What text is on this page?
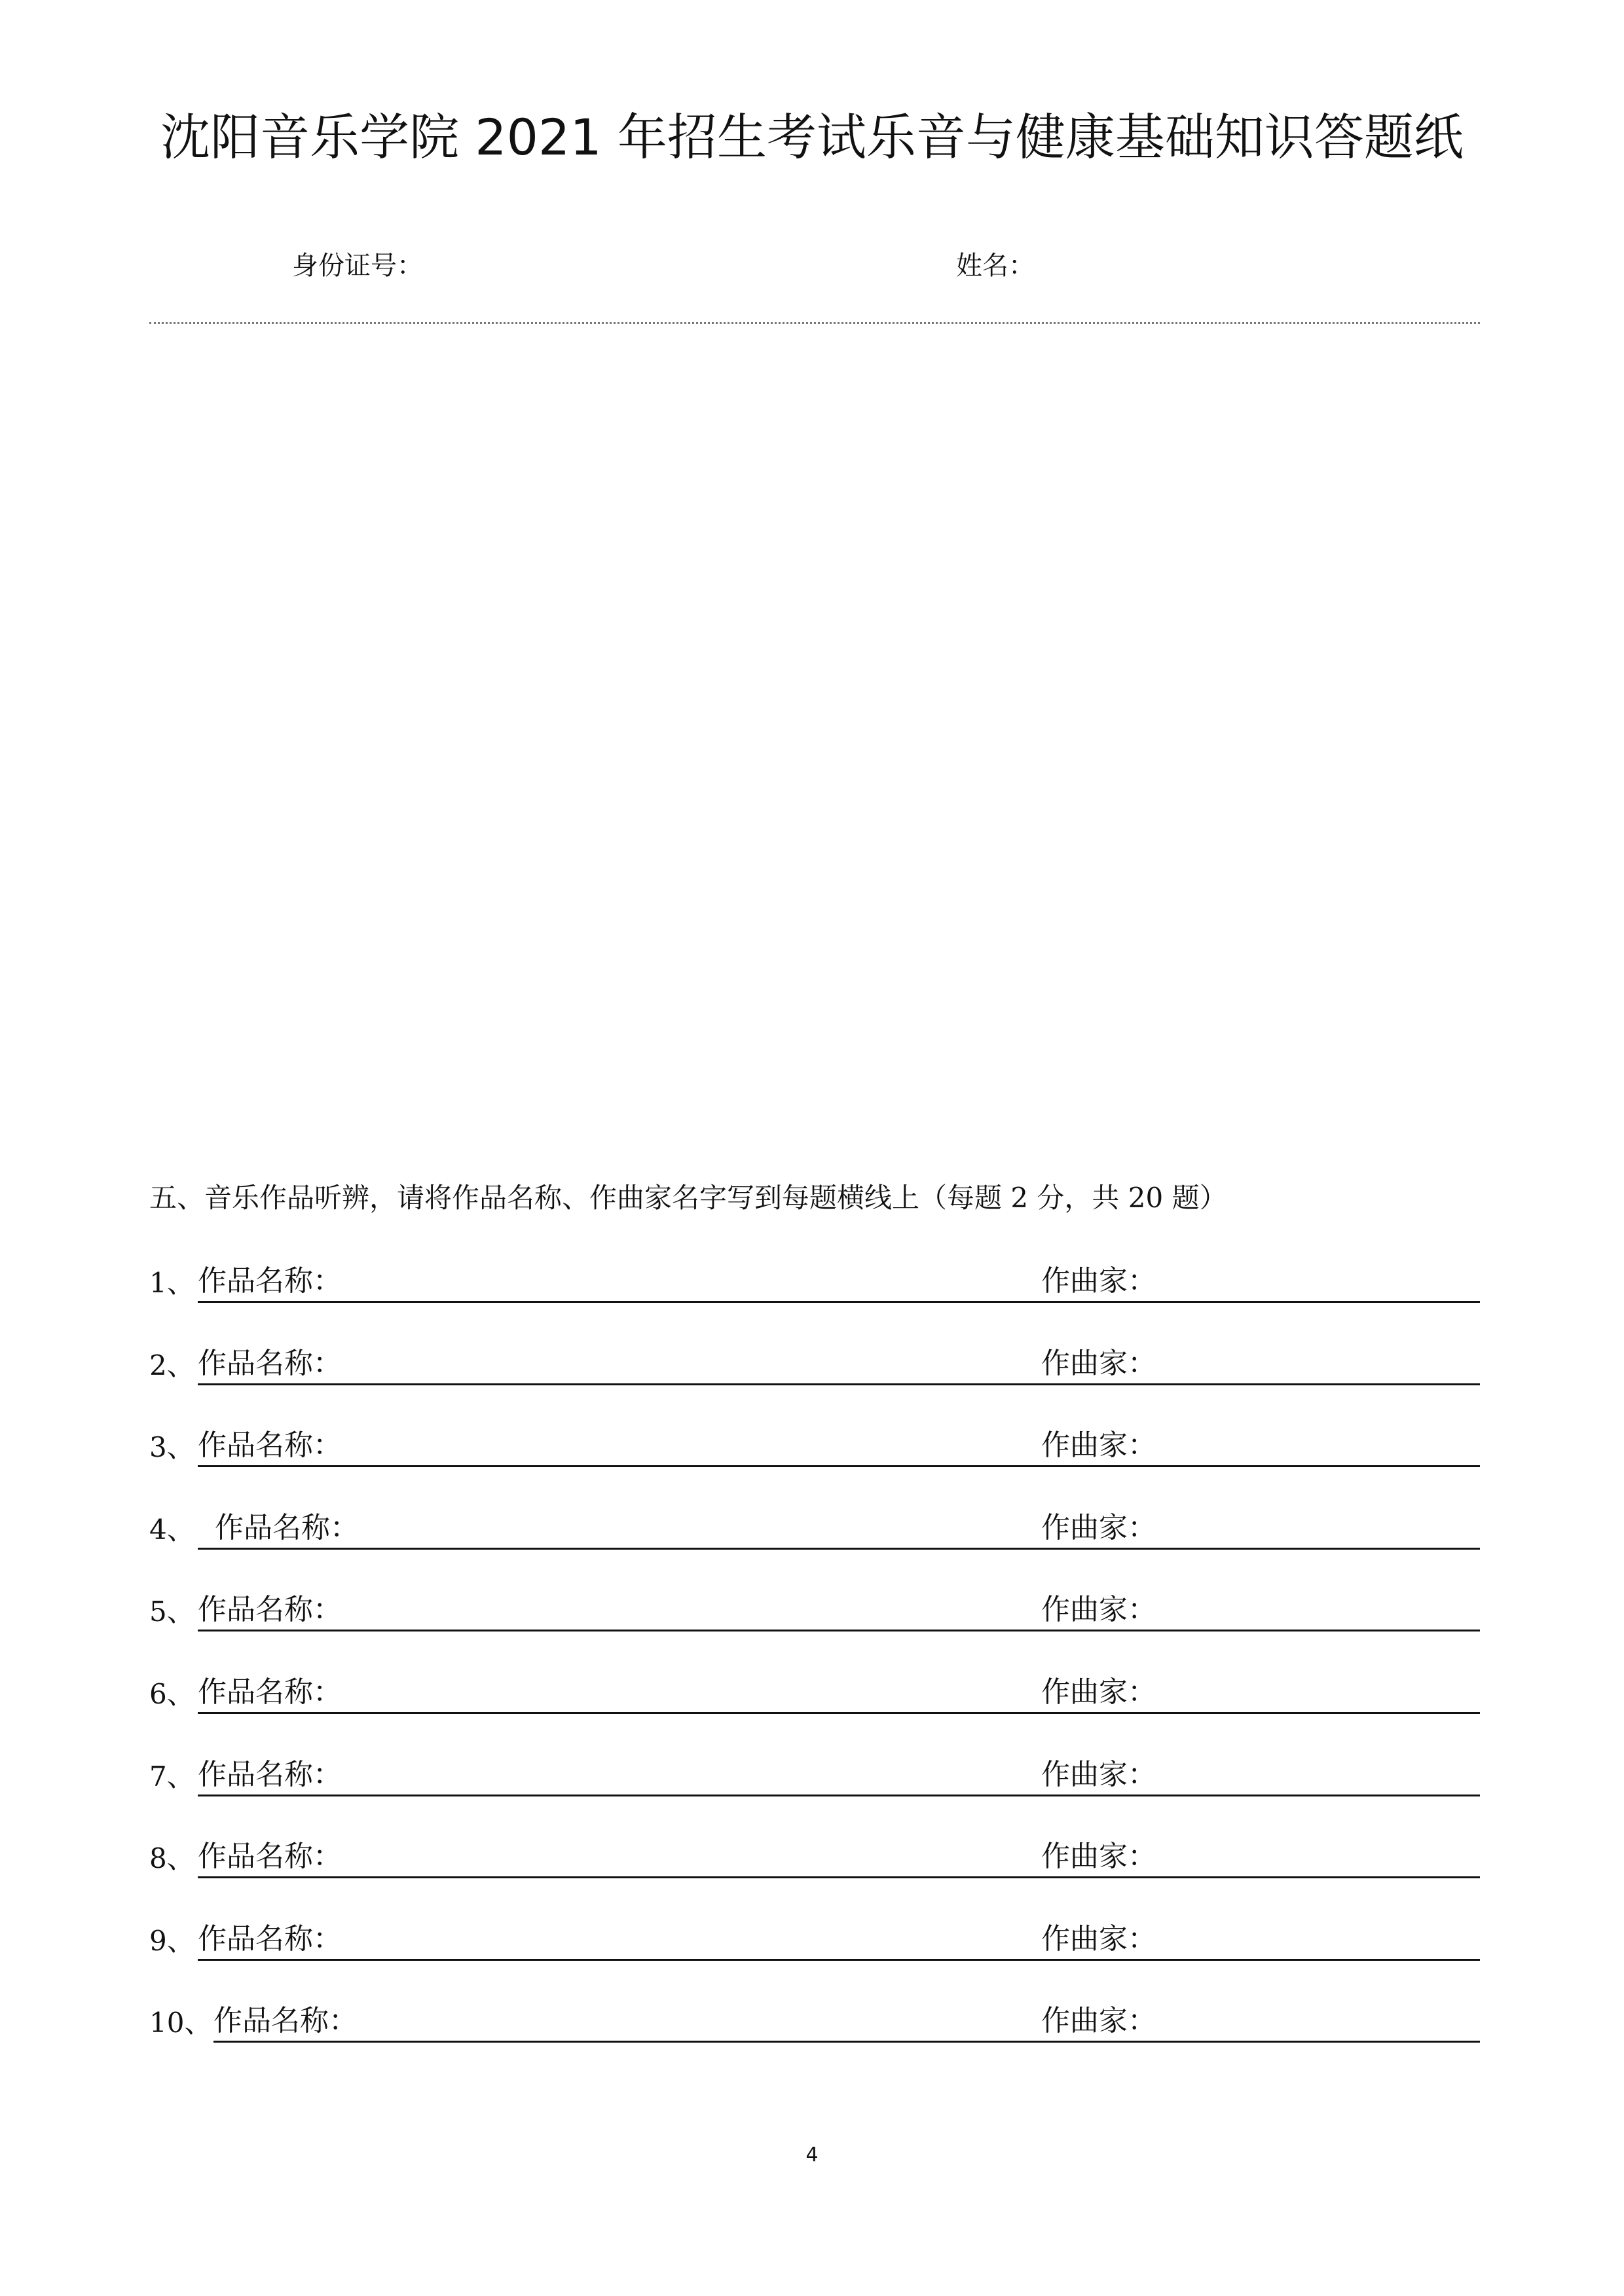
沈阳音乐学院 2021 年招生考试乐音与健康基础知识答题纸
身份证号：	姓名：
五、音乐作品听辨，请将作品名称、作曲家名字写到每题横线上（每题 2 分，共 20 题）
1、 作品名称：	作曲家：
2、 作品名称：	作曲家：
3、 作品名称：	作曲家：
4、 作品名称：	作曲家：
5、 作品名称：	作曲家：
6、 作品名称：	作曲家：
7、 作品名称：	作曲家：
8、 作品名称：	作曲家：
9、 作品名称：	作曲家：
10、 作品名称：	作曲家：
4
